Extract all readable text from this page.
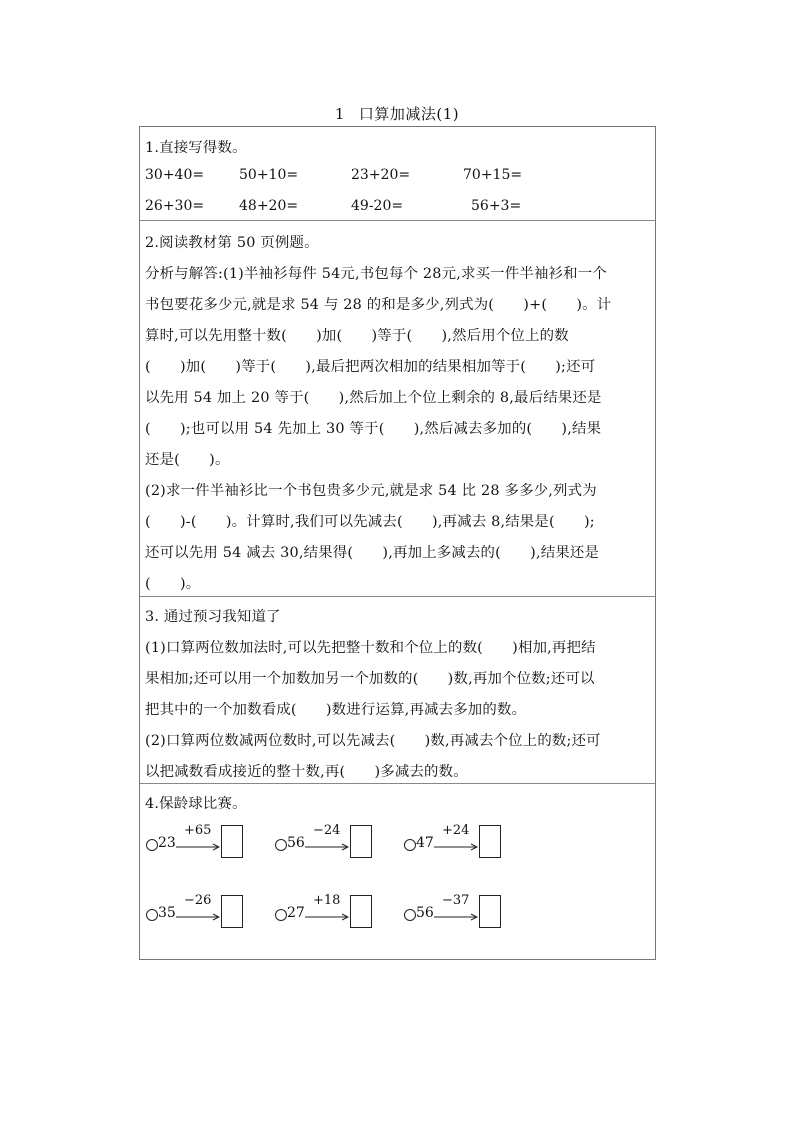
1 口算加减法(1)
1.直接写得数。
30+40= 50+10=	23+20=	70+15=
26+30= 48+20=	49-20=	56+3=
2.阅读教材第 50 页例题。
分析与解答:(1)半袖衫每件 54元,书包每个 28元,求买一件半袖衫和一个
书包要花多少元,就是求 54 与 28 的和是多少,列式为(　　)+(　　)。计
算时,可以先用整十数(　　)加(　　)等于(　　),然后用个位上的数
(　　)加(　　)等于(　　),最后把两次相加的结果相加等于(　　);还可
以先用 54 加上 20 等于(　　),然后加上个位上剩余的 8,最后结果还是
(　　);也可以用 54 先加上 30 等于(　　),然后减去多加的(　　),结果
还是(　　)。
(2)求一件半袖衫比一个书包贵多少元,就是求 54 比 28 多多少,列式为
(　　)-(　　)。计算时,我们可以先减去(　　),再减去 8,结果是(　　);
还可以先用 54 减去 30,结果得(　　),再加上多减去的(　　),结果还是
(　　)。
3. 通过预习我知道了
(1)口算两位数加法时,可以先把整十数和个位上的数(　　)相加,再把结
果相加;还可以用一个加数加另一个加数的(　　)数,再加个位数;还可以
把其中的一个加数看成(　　)数进行运算,再减去多加的数。
(2)口算两位数减两位数时,可以先减去(　　)数,再减去个位上的数;还可
以把减数看成接近的整十数,再(　　)多减去的数。
4.保龄球比赛。
23
+65
56
−24
47
+24
35
−26
27
+18
56
−37
